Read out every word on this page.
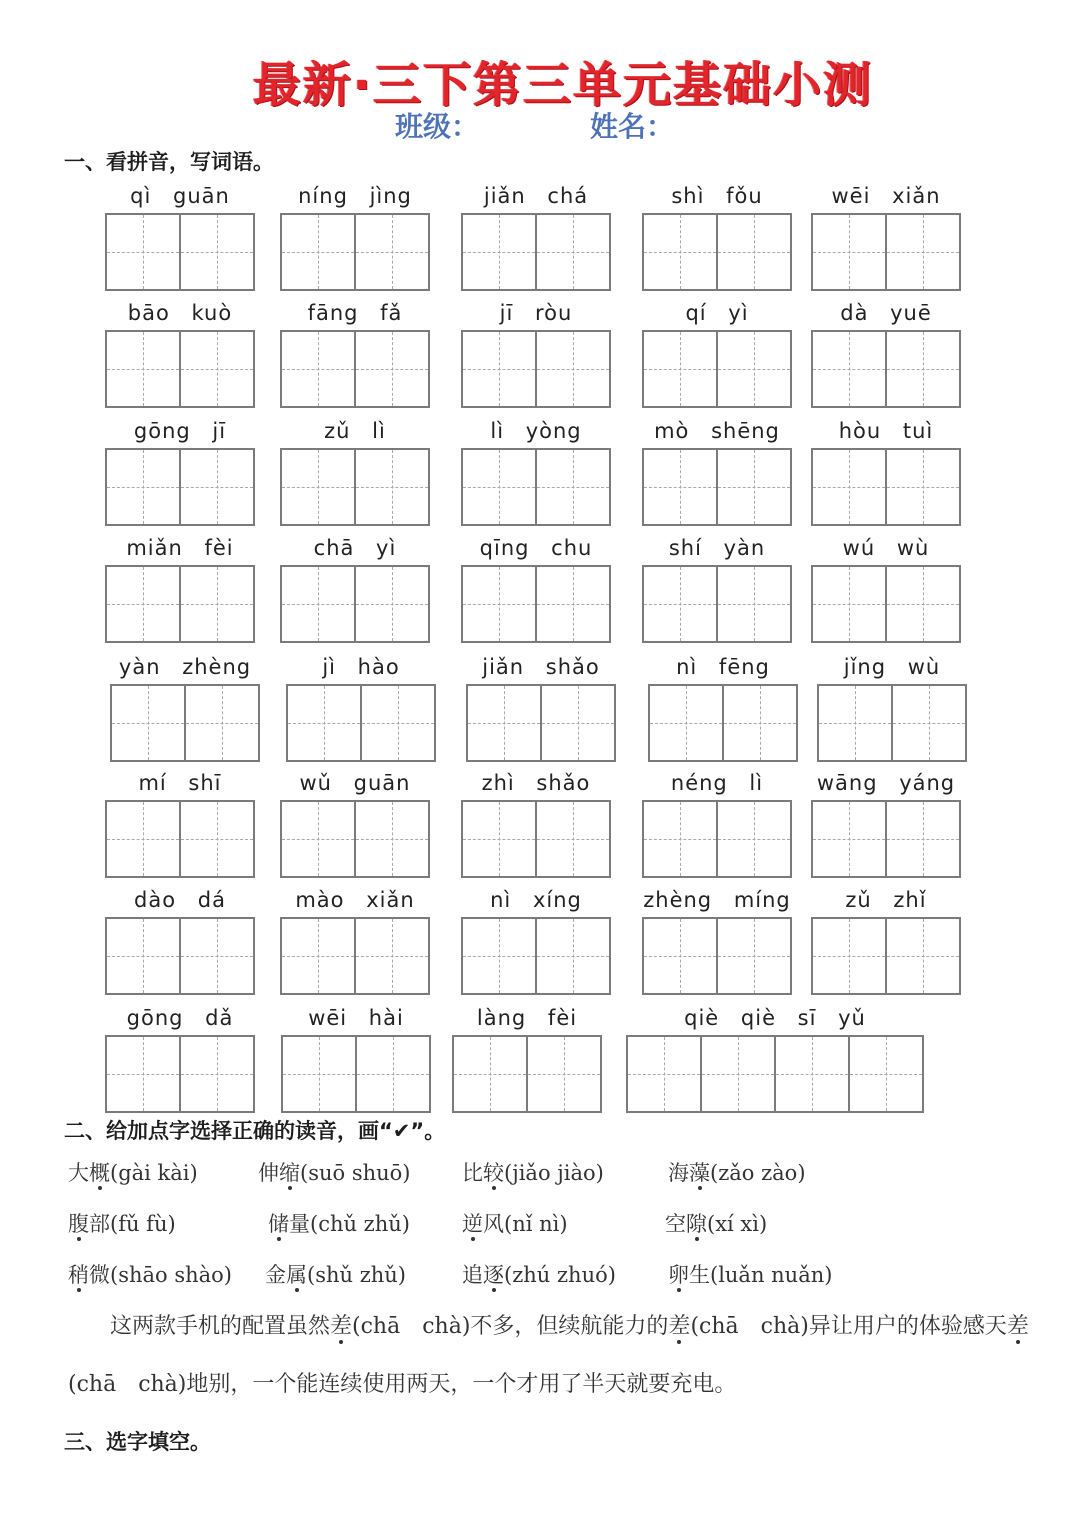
最新·三下第三单元基础小测
班级：	姓名：
一、看拼音，写词语。
qì guān	níng jìng	jiǎn chá	shì fǒu	wēi xiǎn
bāo kuò	fāng fǎ	jī ròu	qí yì	dà yuē
gōng jī	zǔ lì	lì yòng	mò shēng	hòu tuì
miǎn fèi	chā yì	qīng chu	shí yàn	wú wù
yàn zhèng	jì hào	jiǎn shǎo	nì fēng	jǐng wù
mí shī	wǔ guān	zhì shǎo	néng lì	wāng yáng
dào dá	mào xiǎn	nì xíng	zhèng míng	zǔ zhǐ
gōng dǎ	wēi hài	làng fèi	qiè qiè sī yǔ
二、给加点字选择正确的读音，画“✔”。
大概(gài kài)	伸缩(suō shuō) 比较(jiǎo jiào)	海藻(zǎo zào)
腹部(fǔ fù)	储量(chǔ zhǔ) 逆风(nǐ nì)	空隙(xí xì)
稍微(shāo shào) 金属(shǔ zhǔ)	追逐(zhú zhuó) 卵生(luǎn nuǎn)
这两款手机的配置虽然差(chā　chà)不多，但续航能力的差(chā　chà)异让用户的体验感天差
(chā　chà)地别，一个能连续使用两天，一个才用了半天就要充电。
三、选字填空。
